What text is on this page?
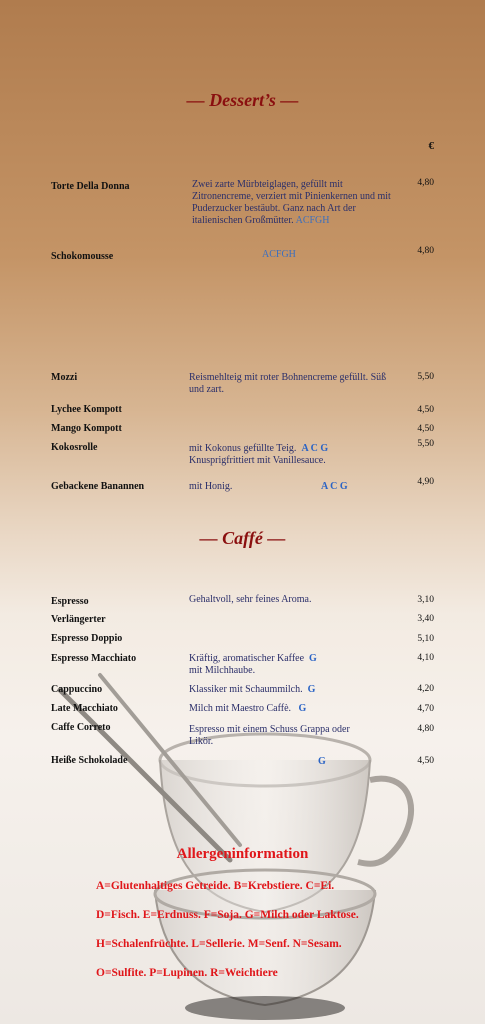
— Dessert’s —
€
Torte Della Donna	Zwei zarte Mürbteiglagen, gefüllt mit Zitronencreme, verziert mit Pinienkernen und mit Puderzucker bestäubt. Ganz nach Art der italienischen Großmütter. ACFGH
4,80
Schokomousse	ACFGH	4,80
Mozzi	Reismehlteig mit roter Bohnencreme gefüllt. Süß und zart.
5,50
Lychee Kompott	4,50
Mango Kompott	4,50
Kokosrolle	mit Kokonus gefüllte Teig. A C G
Knusprigfrittiert mit Vanillesauce.
5,50
Gebackene Banannen	mit Honig.	A C G	4,90
— Caffé —
Espresso	Gehaltvoll, sehr feines Aroma.	3,10
Verlängerter	3,40
Espresso Doppio	5,10
Espresso Macchiato	Kräftig, aromatischer Kaffee G
mit Milchhaube.
4,10
Cappuccino	Klassiker mit Schaummilch. G	4,20
Late Macchiato	Milch mit Maestro Caffè. G	4,70
Caffe Correto	Espresso mit einem Schuss Grappa oder Likör.
4,80
Heiße Schokolade	G	4,50
Allergeninformation
A=Glutenhaltiges Getreide. B=Krebstiere. C=Ei.
D=Fisch. E=Erdnuss. F=Soja. G=Milch oder Laktose.
H=Schalenfrüchte. L=Sellerie. M=Senf. N=Sesam.
O=Sulfite. P=Lupinen. R=Weichtiere
